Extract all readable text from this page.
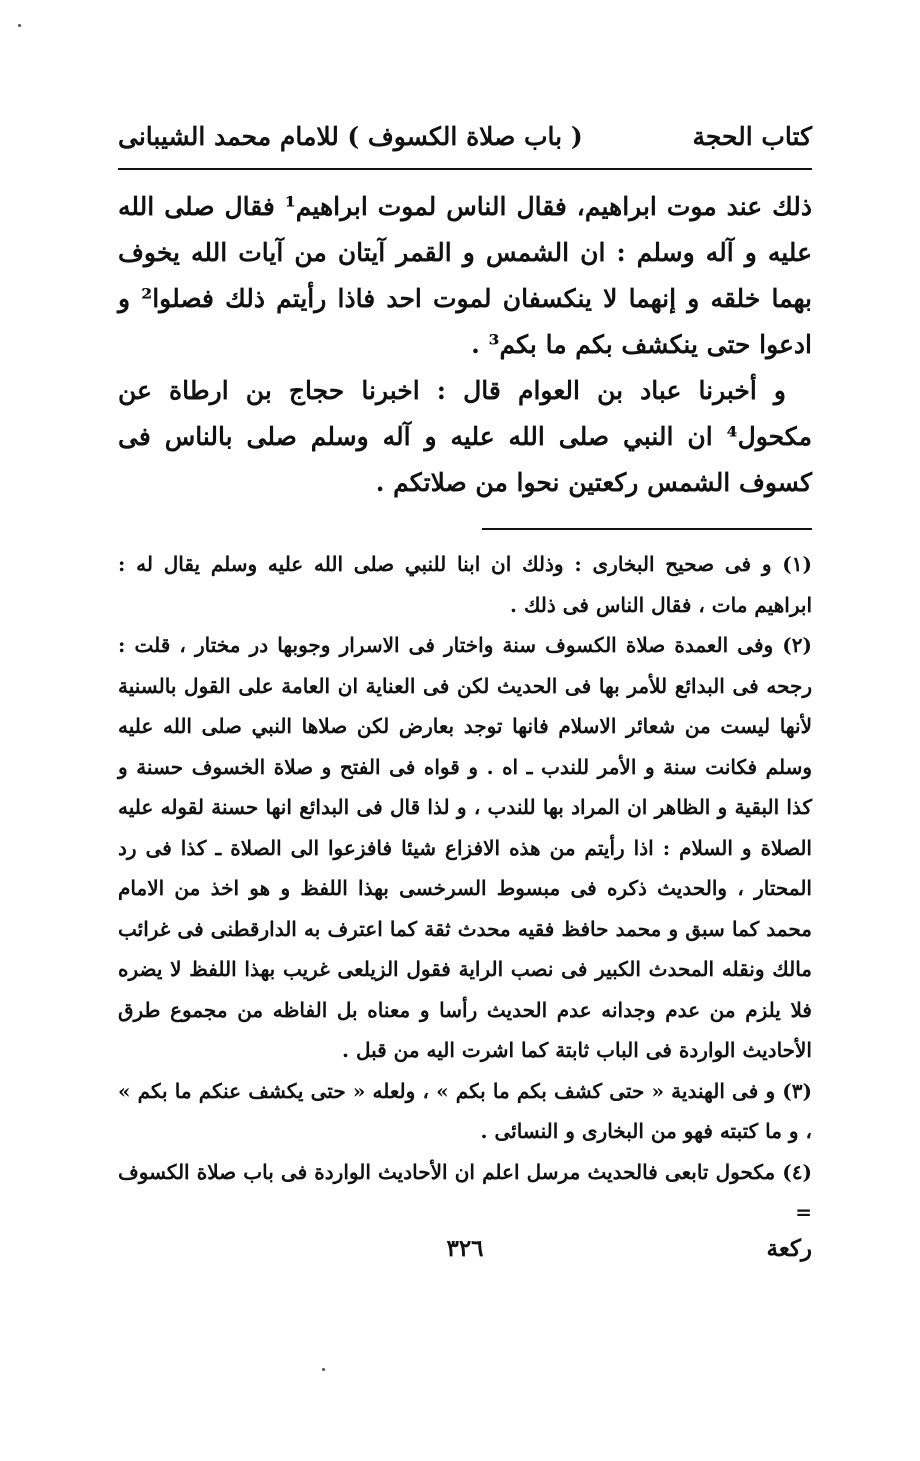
كتاب الحجة
( باب صلاة الكسوف )
للامام محمد الشيبانى

ذلك عند موت ابراهيم، فقال الناس لموت ابراهيم¹ فقال صلى الله عليه و آله وسلم : ان الشمس و القمر آيتان من آيات الله يخوف بهما خلقه و إنهما لا ينكسفان لموت احد فاذا رأيتم ذلك فصلوا² و ادعوا حتى ينكشف بكم ما بكم³ .

و أخبرنا عباد بن العوام قال : اخبرنا حجاج بن ارطاة عن مكحول⁴ ان النبي صلى الله عليه و آله وسلم صلى بالناس فى كسوف الشمس ركعتين نحوا من صلاتكم .

(١) و فى صحيح البخارى : وذلك ان ابنا للنبي صلى الله عليه وسلم يقال له : ابراهيم مات ، فقال الناس فى ذلك .

(٢) وفى العمدة صلاة الكسوف سنة واختار فى الاسرار وجوبها در مختار ، قلت : رجحه فى البدائع للأمر بها فى الحديث لكن فى العناية ان العامة على القول بالسنية لأنها ليست من شعائر الاسلام فانها توجد بعارض لكن صلاها النبي صلى الله عليه وسلم فكانت سنة و الأمر للندب ـ اه . و قواه فى الفتح و صلاة الخسوف حسنة و كذا البقية و الظاهر ان المراد بها للندب ، و لذا قال فى البدائع انها حسنة لقوله عليه الصلاة و السلام : اذا رأيتم من هذه الافزاع شيئا فافزعوا الى الصلاة ـ كذا فى رد المحتار ، والحديث ذكره فى مبسوط السرخسى بهذا اللفظ و هو اخذ من الامام محمد كما سبق و محمد حافظ فقيه محدث ثقة كما اعترف به الدارقطنى فى غرائب مالك ونقله المحدث الكبير فى نصب الراية فقول الزيلعى غريب بهذا اللفظ لا يضره فلا يلزم من عدم وجدانه عدم الحديث رأسا و معناه بل الفاظه من مجموع طرق الأحاديث الواردة فى الباب ثابتة كما اشرت اليه من قبل .

(٣) و فى الهندية « حتى كشف بكم ما بكم » ، ولعله « حتى يكشف عنكم ما بكم » ، و ما كتبته فهو من البخارى و النسائى .

(٤) مكحول تابعى فالحديث مرسل اعلم ان الأحاديث الواردة فى باب صلاة الكسوف =

ركعة
٣٢٦
